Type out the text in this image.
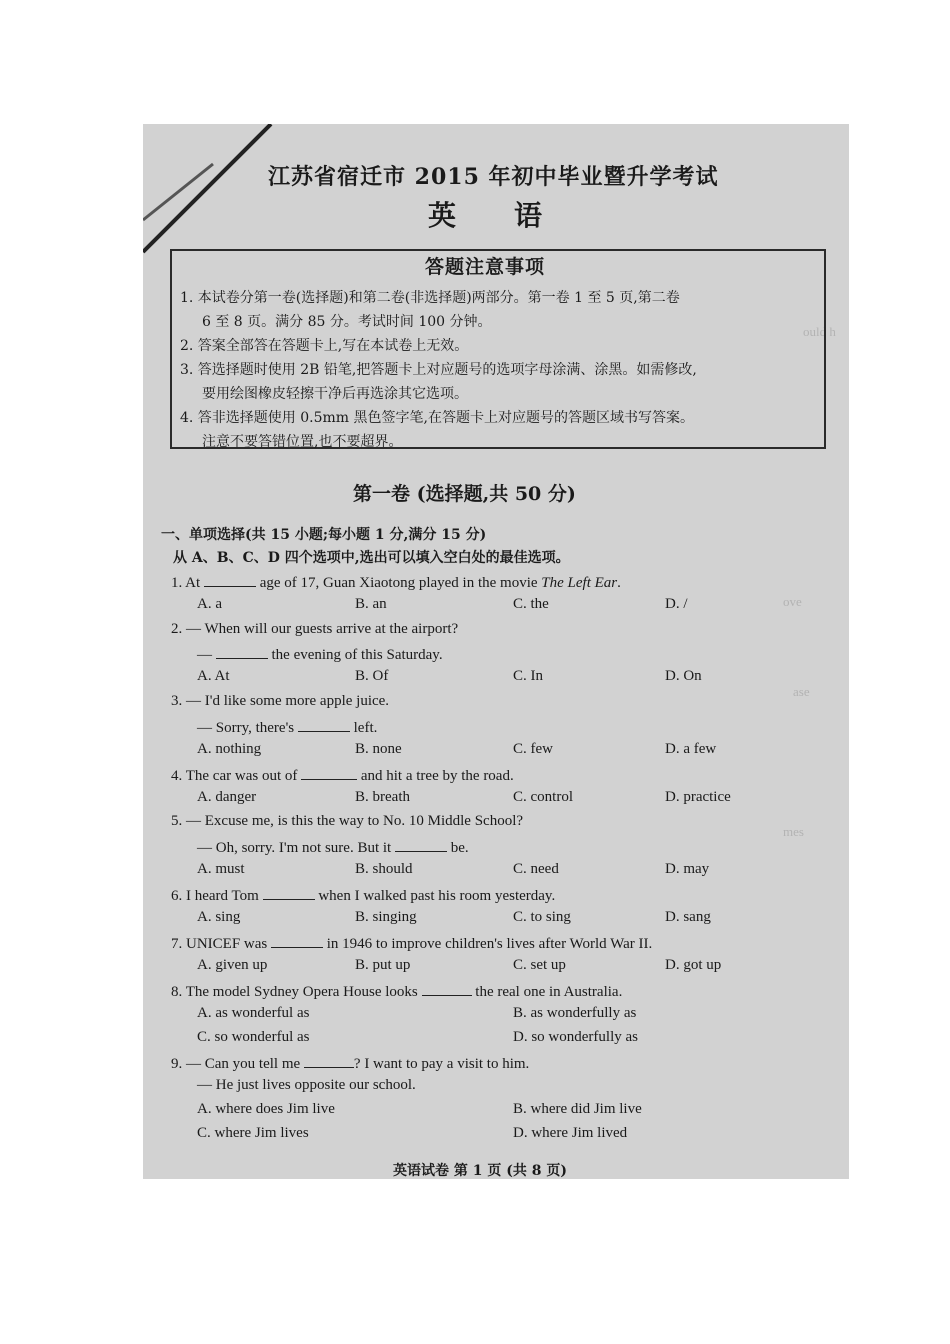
ould h
ove
ase
mes
江苏省宿迁市 2015 年初中毕业暨升学考试
英语
答题注意事项
1. 本试卷分第一卷(选择题)和第二卷(非选择题)两部分。第一卷 1 至 5 页,第二卷
6 至 8 页。满分 85 分。考试时间 100 分钟。
2. 答案全部答在答题卡上,写在本试卷上无效。
3. 答选择题时使用 2B 铅笔,把答题卡上对应题号的选项字母涂满、涂黑。如需修改,
要用绘图橡皮轻擦干净后再选涂其它选项。
4. 答非选择题使用 0.5mm 黑色签字笔,在答题卡上对应题号的答题区域书写答案。
注意不要答错位置,也不要超界。
第一卷 (选择题,共 50 分)
一、单项选择(共 15 小题;每小题 1 分,满分 15 分)
从 A、B、C、D 四个选项中,选出可以填入空白处的最佳选项。
1. At	age of 17, Guan Xiaotong played in the movie The Left Ear.
A. a	B. an	C. the	D. /
2. — When will our guests arrive at the airport?
—	the evening of this Saturday.
A. At	B. Of	C. In	D. On
3. — I'd like some more apple juice.
— Sorry, there's	left.
A. nothing	B. none	C. few	D. a few
4. The car was out of	and hit a tree by the road.
A. danger	B. breath	C. control	D. practice
5. — Excuse me, is this the way to No. 10 Middle School?
— Oh, sorry. I'm not sure. But it	be.
A. must	B. should	C. need	D. may
6. I heard Tom	when I walked past his room yesterday.
A. sing	B. singing	C. to sing	D. sang
7. UNICEF was	in 1946 to improve children's lives after World War II.
A. given up	B. put up	C. set up	D. got up
8. The model Sydney Opera House looks	the real one in Australia.
A. as wonderful as	B. as wonderfully as
C. so wonderful as	D. so wonderfully as
9. — Can you tell me	? I want to pay a visit to him.
— He just lives opposite our school.
A. where does Jim live	B. where did Jim live
C. where Jim lives	D. where Jim lived
英语试卷 第 1 页 (共 8 页)
